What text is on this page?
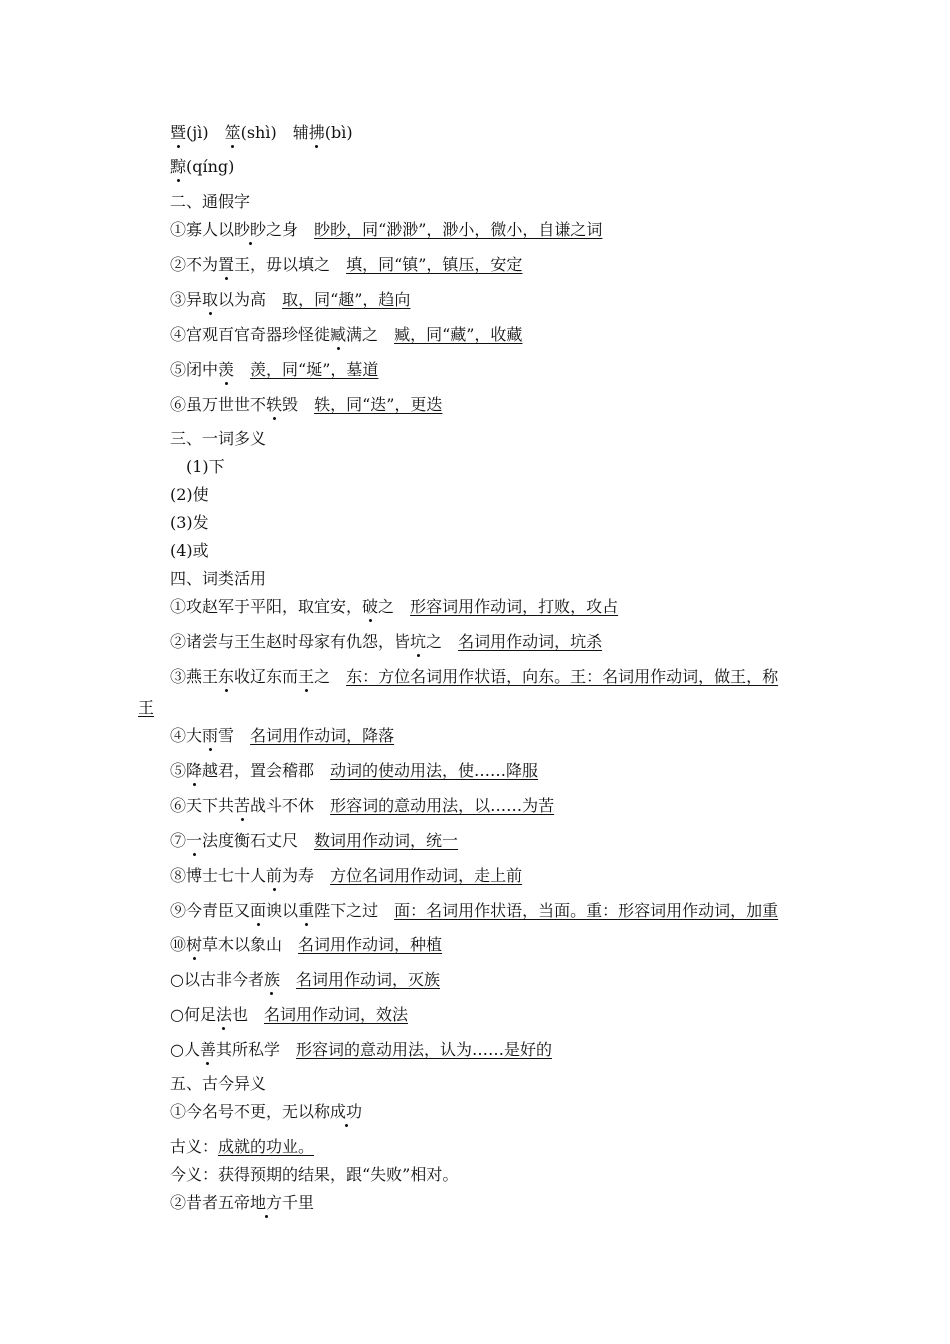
暨(jì) 筮(shì) 辅拂(bì)
黥(qíng)
二、通假字
①寡人以眇眇之身 眇眇，同“渺渺”，渺小，微小，自谦之词
②不为置王，毋以填之 填，同“镇”，镇压，安定
③异取以为高 取，同“趣”，趋向
④宫观百官奇器珍怪徙臧满之 臧，同“藏”，收藏
⑤闭中羡 羡，同“埏”，墓道
⑥虽万世世不轶毁 轶，同“迭”，更迭
三、一词多义
(1)下
(2)使
(3)发
(4)或
四、词类活用
①攻赵军于平阳，取宜安，破之 形容词用作动词，打败，攻占
②诸尝与王生赵时母家有仇怨，皆坑之 名词用作动词，坑杀
③燕王东收辽东而王之 东：方位名词用作状语，向东。王：名词用作动词，做王，称
王
④大雨雪 名词用作动词，降落
⑤降越君，置会稽郡 动词的使动用法，使……降服
⑥天下共苦战斗不休 形容词的意动用法，以……为苦
⑦一法度衡石丈尺 数词用作动词，统一
⑧博士七十人前为寿 方位名词用作动词，走上前
⑨今青臣又面谀以重陛下之过 面：名词用作状语，当面。重：形容词用作动词，加重
⑩树草木以象山 名词用作动词，种植
○以古非今者族 名词用作动词，灭族
○何足法也 名词用作动词，效法
○人善其所私学 形容词的意动用法，认为……是好的
五、古今异义
①今名号不更，无以称成功
古义：成就的功业。
今义：获得预期的结果，跟“失败”相对。
②昔者五帝地方千里
